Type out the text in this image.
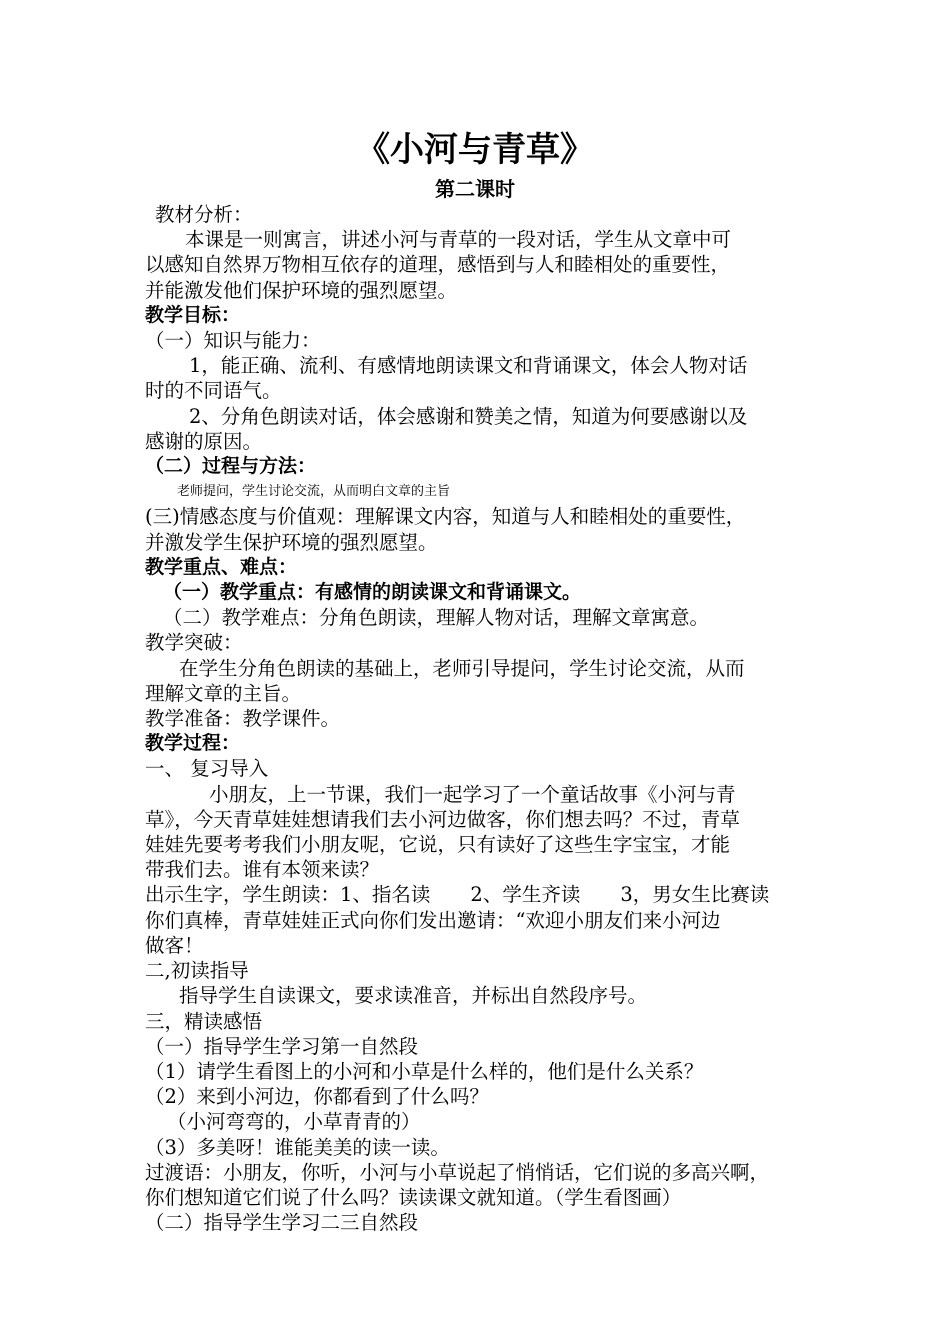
《小河与青草》
第二课时
教材分析：
本课是一则寓言，讲述小河与青草的一段对话，学生从文章中可
以感知自然界万物相互依存的道理，感悟到与人和睦相处的重要性，
并能激发他们保护环境的强烈愿望。
教学目标：
（一）知识与能力：
1，能正确、流利、有感情地朗读课文和背诵课文，体会人物对话
时的不同语气。
2、分角色朗读对话，体会感谢和赞美之情，知道为何要感谢以及
感谢的原因。
（二）过程与方法：
老师提问，学生讨论交流，从而明白文章的主旨
(三)情感态度与价值观：理解课文内容，知道与人和睦相处的重要性，
并激发学生保护环境的强烈愿望。
教学重点、难点：
（一）教学重点：有感情的朗读课文和背诵课文。
（二）教学难点：分角色朗读，理解人物对话，理解文章寓意。
教学突破：
在学生分角色朗读的基础上，老师引导提问，学生讨论交流，从而
理解文章的主旨。
教学准备：教学课件。
教学过程：
一、 复习导入
小朋友，上一节课，我们一起学习了一个童话故事《小河与青
草》，今天青草娃娃想请我们去小河边做客，你们想去吗？不过，青草
娃娃先要考考我们小朋友呢，它说，只有读好了这些生字宝宝，才能
带我们去。谁有本领来读？
出示生字，学生朗读：1、指名读 2、学生齐读 3，男女生比赛读
你们真棒，青草娃娃正式向你们发出邀请：“欢迎小朋友们来小河边
做客！
二,初读指导
指导学生自读课文，要求读准音，并标出自然段序号。
三，精读感悟
（一）指导学生学习第一自然段
（1）请学生看图上的小河和小草是什么样的，他们是什么关系？
（2）来到小河边，你都看到了什么吗？
（小河弯弯的，小草青青的）
（3）多美呀！谁能美美的读一读。
过渡语：小朋友，你听，小河与小草说起了悄悄话，它们说的多高兴啊，
你们想知道它们说了什么吗？读读课文就知道。（学生看图画）
（二）指导学生学习二三自然段
